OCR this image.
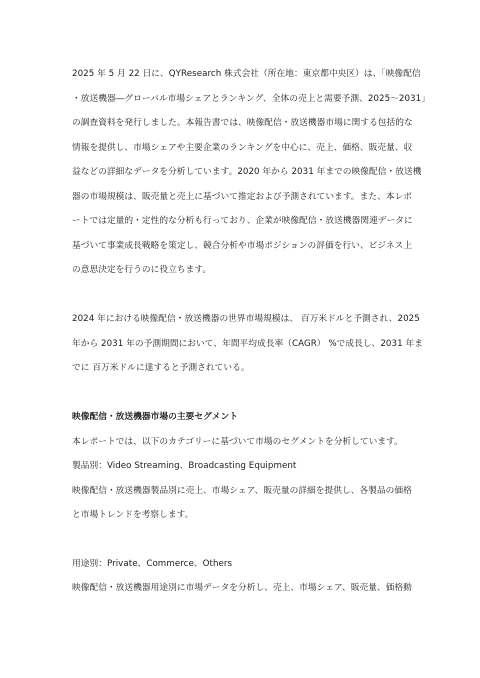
2025 年 5 月 22 日に、QYResearch 株式会社（所在地：東京都中央区）は、「映像配信
・放送機器―グローバル市場シェアとランキング、全体の売上と需要予測、2025～2031」
の調査資料を発行しました。本報告書では、映像配信・放送機器市場に関する包括的な
情報を提供し、市場シェアや主要企業のランキングを中心に、売上、価格、販売量、収
益などの詳細なデータを分析しています。2020 年から 2031 年までの映像配信・放送機
器の市場規模は、販売量と売上に基づいて推定および予測されています。また、本レポ
ートでは定量的・定性的な分析も行っており、企業が映像配信・放送機器関連データに
基づいて事業成長戦略を策定し、競合分析や市場ポジションの評価を行い、ビジネス上
の意思決定を行うのに役立ちます。
2024 年における映像配信・放送機器の世界市場規模は、 百万米ドルと予測され、2025
年から 2031 年の予測期間において、年間平均成長率（CAGR） %で成長し、2031 年ま
でに 百万米ドルに達すると予測されている。
映像配信・放送機器市場の主要セグメント
本レポートでは、以下のカテゴリーに基づいて市場のセグメントを分析しています。
製品別：Video Streaming、Broadcasting Equipment
映像配信・放送機器製品別に売上、市場シェア、販売量の詳細を提供し、各製品の価格
と市場トレンドを考察します。
用途別：Private、Commerce、Others
映像配信・放送機器用途別に市場データを分析し、売上、市場シェア、販売量、価格動
